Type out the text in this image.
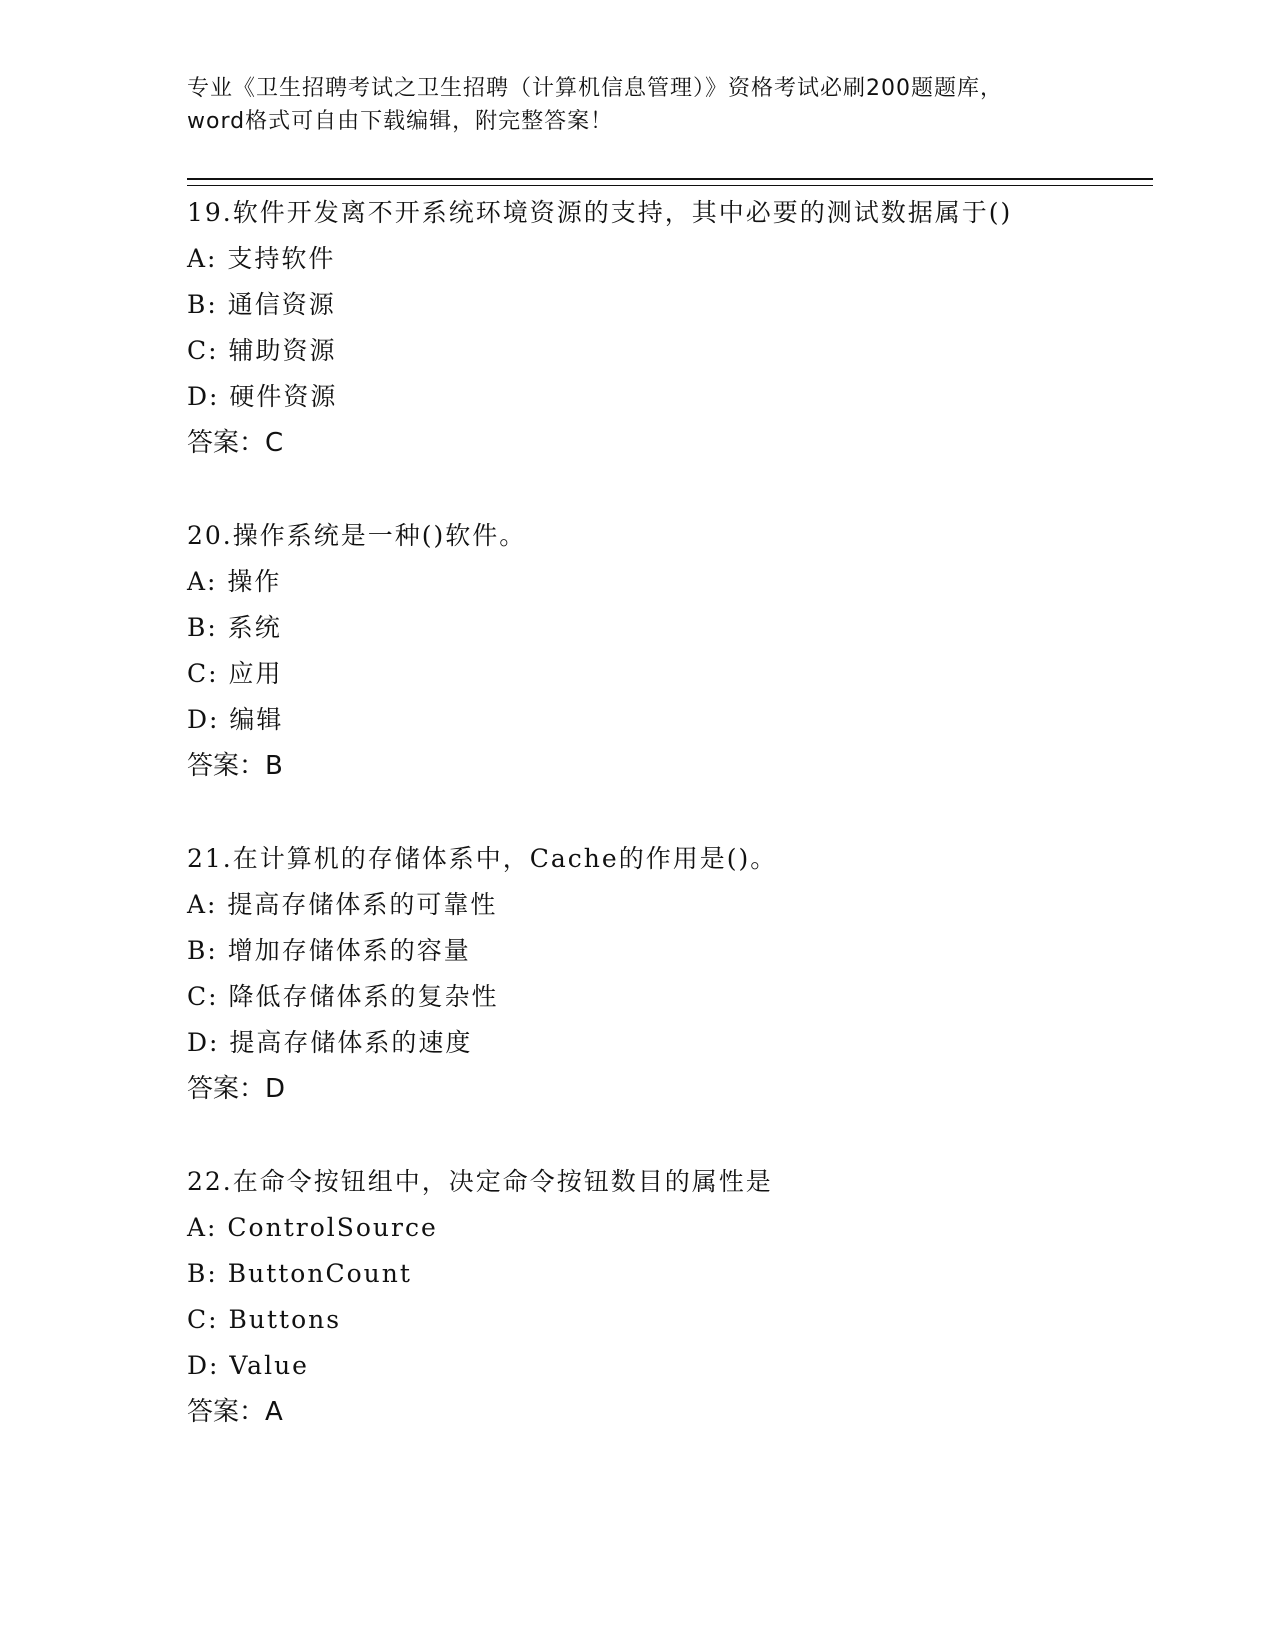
专业《卫生招聘考试之卫生招聘（计算机信息管理）》资格考试必刷200题题库，
word格式可自由下载编辑，附完整答案！
19.软件开发离不开系统环境资源的支持，其中必要的测试数据属于()
A: 支持软件
B: 通信资源
C: 辅助资源
D: 硬件资源
答案：C
20.操作系统是一种()软件。
A: 操作
B: 系统
C: 应用
D: 编辑
答案：B
21.在计算机的存储体系中，Cache的作用是()。
A: 提高存储体系的可靠性
B: 增加存储体系的容量
C: 降低存储体系的复杂性
D: 提高存储体系的速度
答案：D
22.在命令按钮组中，决定命令按钮数目的属性是
A: ControlSource
B: ButtonCount
C: Buttons
D: Value
答案：A
